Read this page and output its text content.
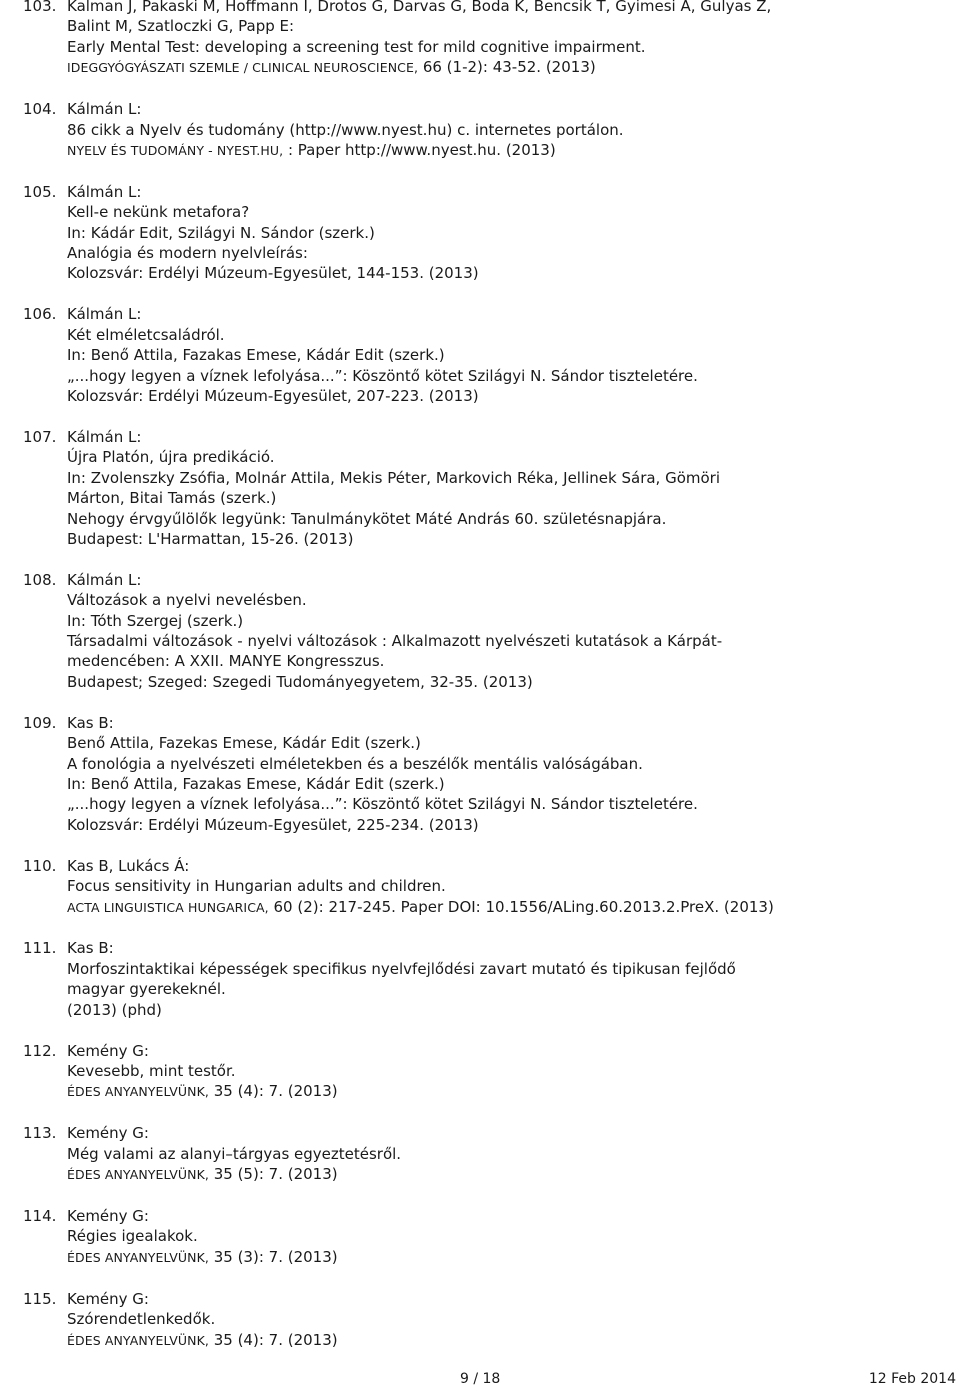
103. Kalman J, Pakaski M, Hoffmann I, Drotos G, Darvas G, Boda K, Bencsik T, Gyimesi A, Gulyas Z,
Balint M, Szatloczki G, Papp E:
Early Mental Test: developing a screening test for mild cognitive impairment.
IDEGGYÓGYÁSZATI SZEMLE / CLINICAL NEUROSCIENCE, 66 (1-2): 43-52. (2013)
104. Kálmán L:
86 cikk a Nyelv és tudomány (http://www.nyest.hu) c. internetes portálon.
NYELV ÉS TUDOMÁNY - NYEST.HU, : Paper http://www.nyest.hu. (2013)
105. Kálmán L:
Kell-e nekünk metafora?
In: Kádár Edit, Szilágyi N. Sándor (szerk.)
Analógia és modern nyelvleírás:
Kolozsvár: Erdélyi Múzeum-Egyesület, 144-153. (2013)
106. Kálmán L:
Két elméletcsaládról.
In: Benő Attila, Fazakas Emese, Kádár Edit (szerk.)
„...hogy legyen a víznek lefolyása...”: Köszöntő kötet Szilágyi N. Sándor tiszteletére.
Kolozsvár: Erdélyi Múzeum-Egyesület, 207-223. (2013)
107. Kálmán L:
Újra Platón, újra predikáció.
In: Zvolenszky Zsófia, Molnár Attila, Mekis Péter, Markovich Réka, Jellinek Sára, Gömöri
Márton, Bitai Tamás (szerk.)
Nehogy érvgyűlölők legyünk: Tanulmánykötet Máté András 60. születésnapjára.
Budapest: L'Harmattan, 15-26. (2013)
108. Kálmán L:
Változások a nyelvi nevelésben.
In: Tóth Szergej (szerk.)
Társadalmi változások - nyelvi változások : Alkalmazott nyelvészeti kutatások a Kárpát-
medencében: A XXII. MANYE Kongresszus.
Budapest; Szeged: Szegedi Tudományegyetem, 32-35. (2013)
109. Kas B:
Benő Attila, Fazekas Emese, Kádár Edit (szerk.)
A fonológia a nyelvészeti elméletekben és a beszélők mentális valóságában.
In: Benő Attila, Fazakas Emese, Kádár Edit (szerk.)
„...hogy legyen a víznek lefolyása...”: Köszöntő kötet Szilágyi N. Sándor tiszteletére.
Kolozsvár: Erdélyi Múzeum-Egyesület, 225-234. (2013)
110. Kas B, Lukács Á:
Focus sensitivity in Hungarian adults and children.
ACTA LINGUISTICA HUNGARICA, 60 (2): 217-245. Paper DOI: 10.1556/ALing.60.2013.2.PreX. (2013)
111. Kas B:
Morfoszintaktikai képességek specifikus nyelvfejlődési zavart mutató és tipikusan fejlődő
magyar gyerekeknél.
(2013) (phd)
112. Kemény G:
Kevesebb, mint testőr.
ÉDES ANYANYELVÜNK, 35 (4): 7. (2013)
113. Kemény G:
Még valami az alanyi–tárgyas egyeztetésről.
ÉDES ANYANYELVÜNK, 35 (5): 7. (2013)
114. Kemény G:
Régies igealakok.
ÉDES ANYANYELVÜNK, 35 (3): 7. (2013)
115. Kemény G:
Szórendetlenkedők.
ÉDES ANYANYELVÜNK, 35 (4): 7. (2013)
9 / 18	12 Feb 2014
